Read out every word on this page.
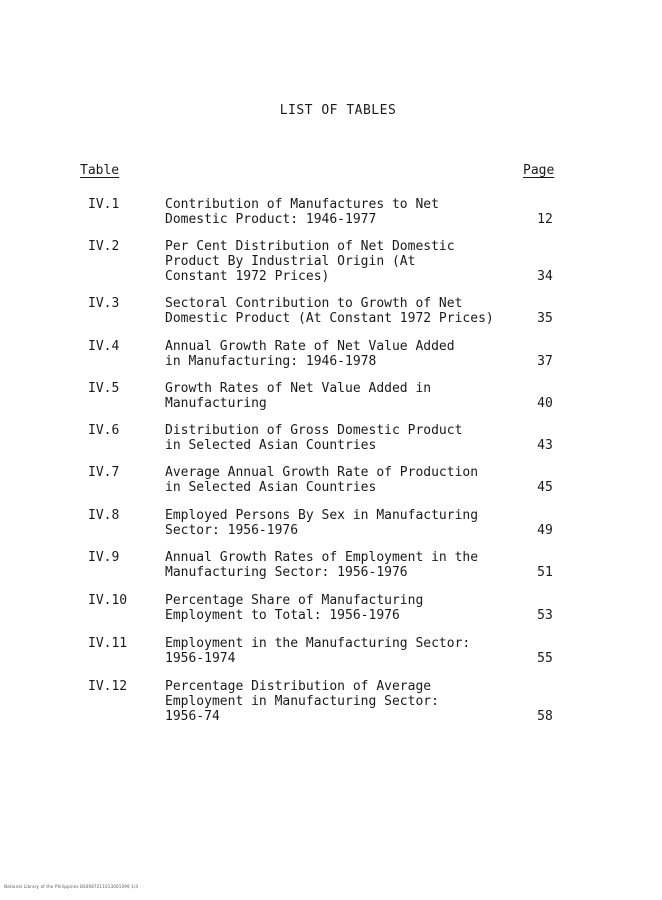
LIST OF TABLES
Table	Page
IV.1	Contribution of Manufactures to Net
Domestic Product: 1946-1977	12
IV.2	Per Cent Distribution of Net Domestic
Product By Industrial Origin (At
Constant 1972 Prices)	34
IV.3	Sectoral Contribution to Growth of Net
Domestic Product (At Constant 1972 Prices)	35
IV.4	Annual Growth Rate of Net Value Added
in Manufacturing: 1946-1978	37
IV.5	Growth Rates of Net Value Added in
Manufacturing	40
IV.6	Distribution of Gross Domestic Product
in Selected Asian Countries	43
IV.7	Average Annual Growth Rate of Production
in Selected Asian Countries	45
IV.8	Employed Persons By Sex in Manufacturing
Sector: 1956-1976	49
IV.9	Annual Growth Rates of Employment in the
Manufacturing Sector: 1956-1976	51
IV.10	Percentage Share of Manufacturing
Employment to Total: 1956-1976	53
IV.11	Employment in the Manufacturing Sector:
1956-1974	55
IV.12	Percentage Distribution of Average
Employment in Manufacturing Sector:
1956-74	58
National Library of the Philippines BS0087211013001099 1/4
